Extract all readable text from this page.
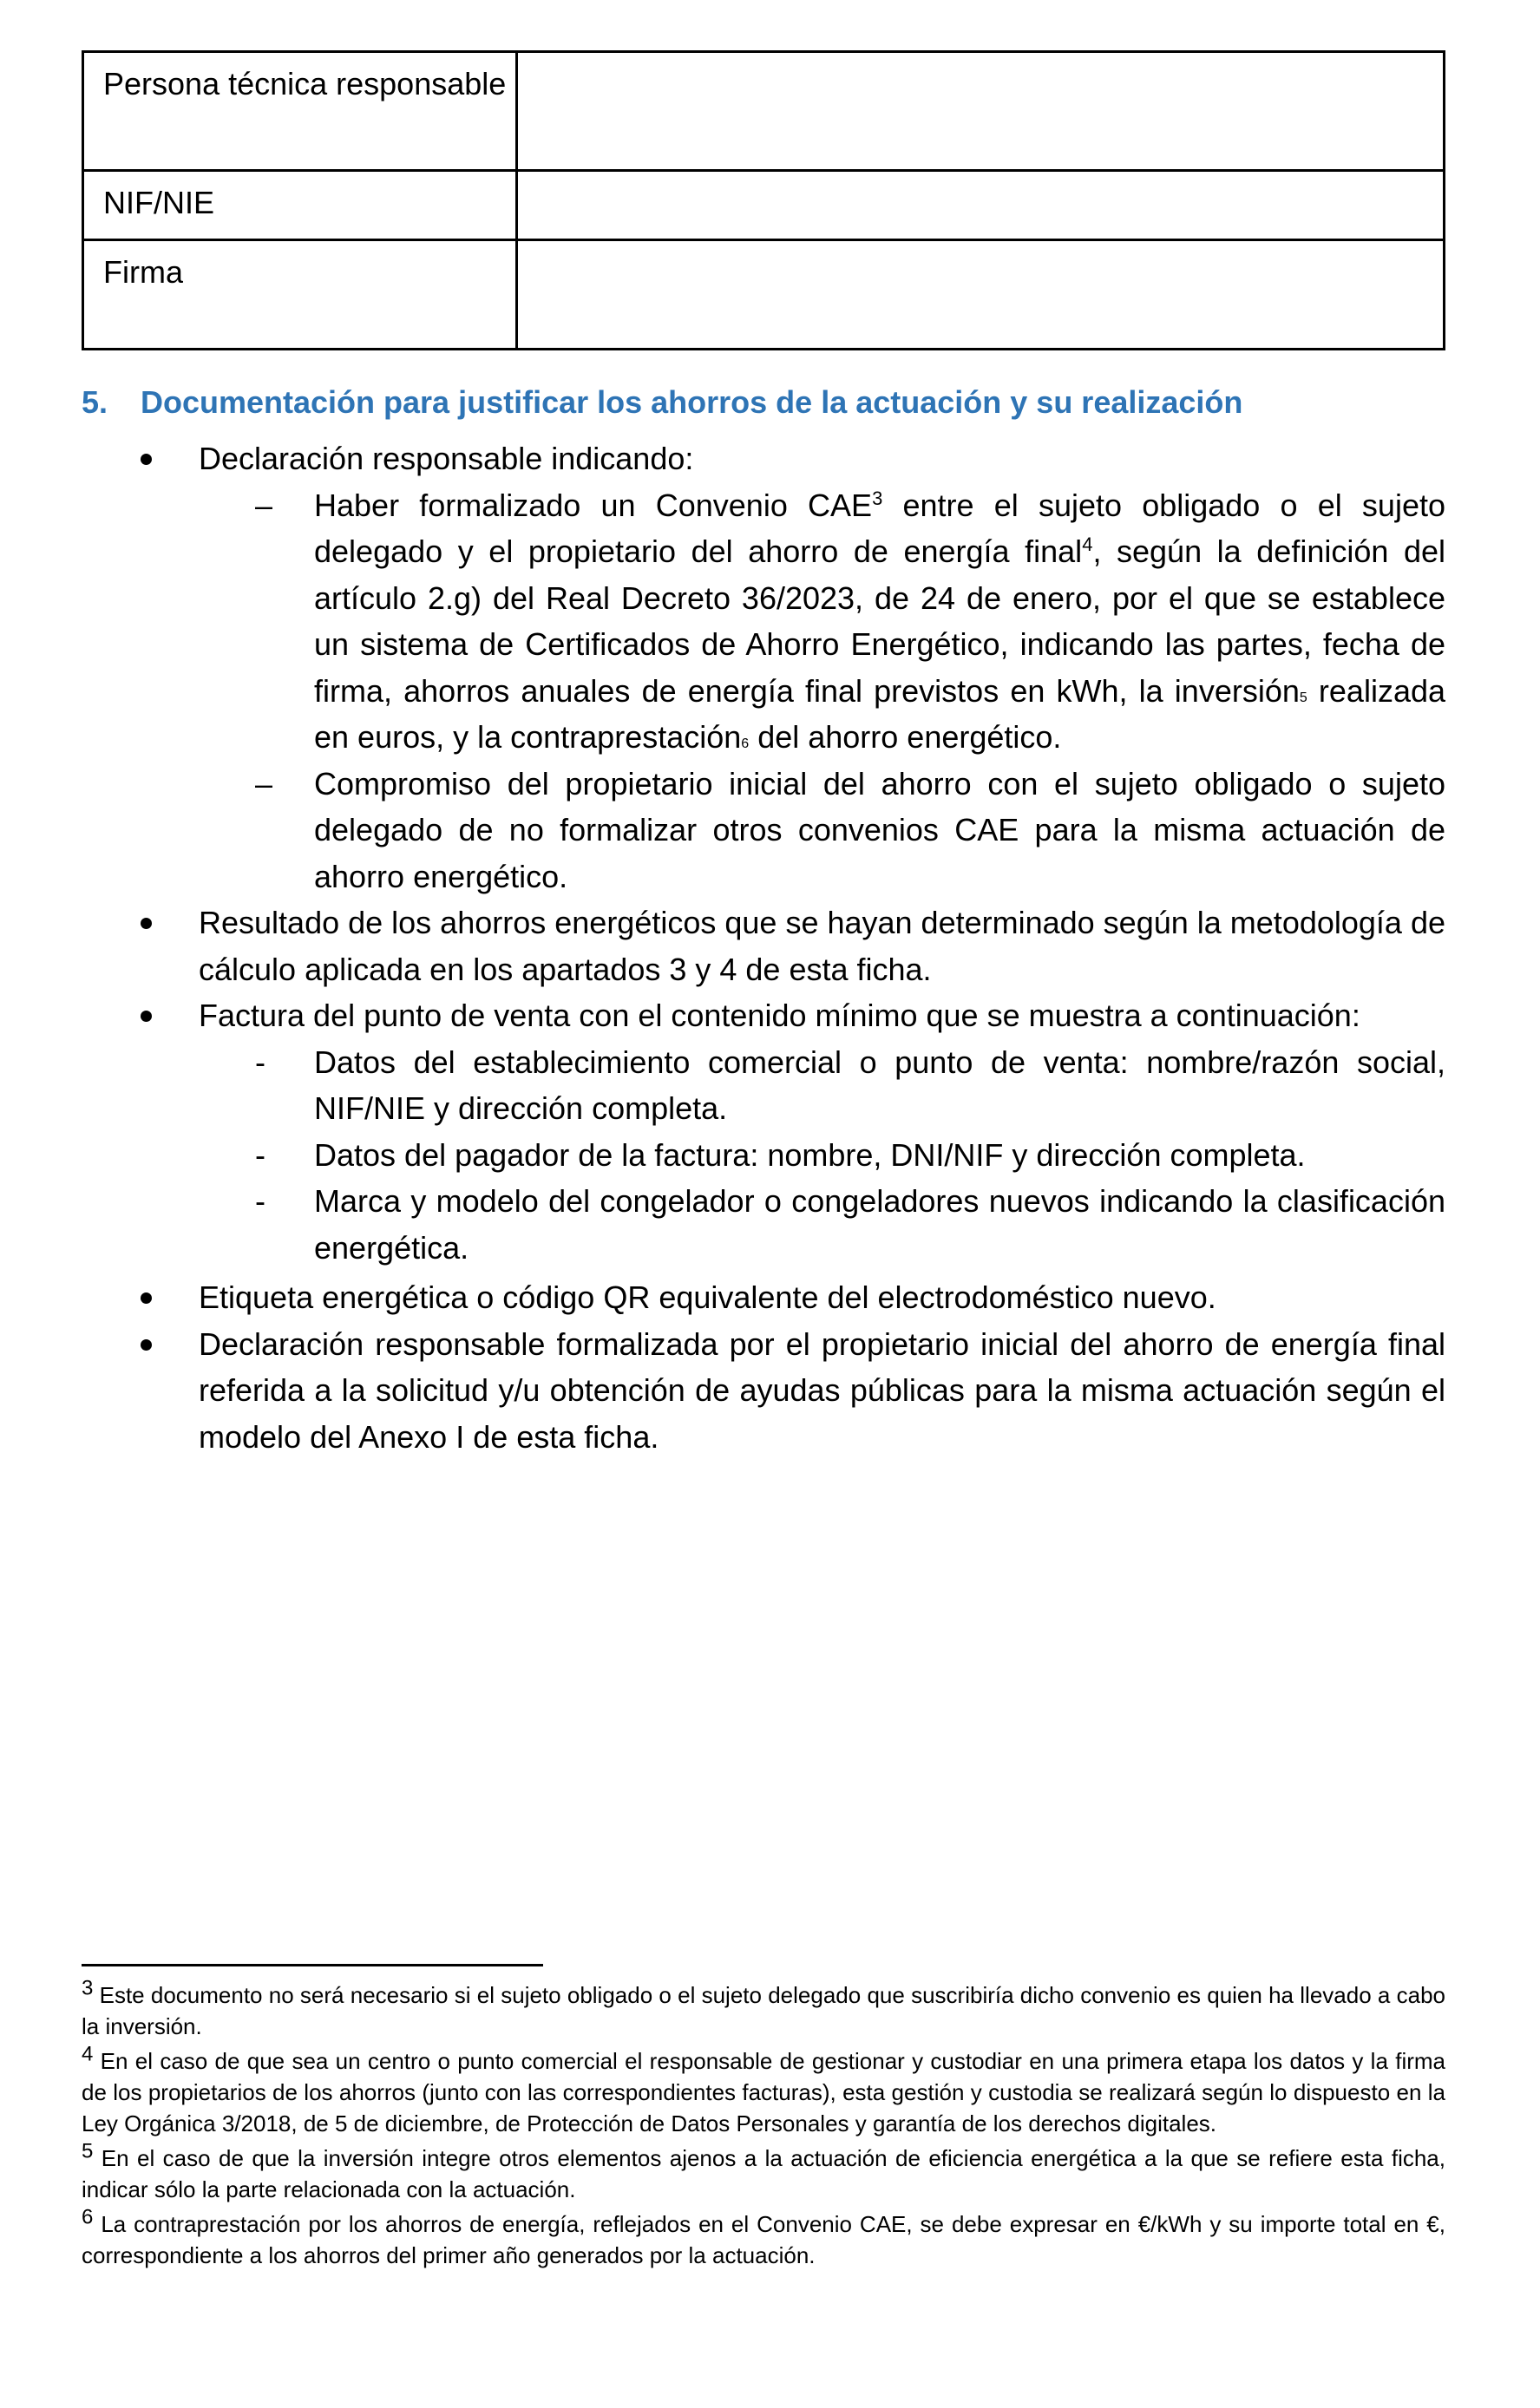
Persona técnica responsable	
NIF/NIE	
Firma	
5. Documentación para justificar los ahorros de la actuación y su realización
Declaración responsable indicando:
– Haber formalizado un Convenio CAE$^3$ entre el sujeto obligado o el sujeto delegado y el propietario del ahorro de energía final$^4$, según la definición del artículo 2.g) del Real Decreto 36/2023, de 24 de enero, por el que se establece un sistema de Certificados de Ahorro Energético, indicando las partes, fecha de firma, ahorros anuales de energía final previstos en kWh, la inversión5 realizada en euros, y la contraprestación6 del ahorro energético.
– Compromiso del propietario inicial del ahorro con el sujeto obligado o sujeto delegado de no formalizar otros convenios CAE para la misma actuación de ahorro energético.
Resultado de los ahorros energéticos que se hayan determinado según la metodología de cálculo aplicada en los apartados 3 y 4 de esta ficha.
Factura del punto de venta con el contenido mínimo que se muestra a continuación:
- Datos del establecimiento comercial o punto de venta: nombre/razón social, NIF/NIE y dirección completa.
- Datos del pagador de la factura: nombre, DNI/NIF y dirección completa.
- Marca y modelo del congelador o congeladores nuevos indicando la clasificación energética.
Etiqueta energética o código QR equivalente del electrodoméstico nuevo.
Declaración responsable formalizada por el propietario inicial del ahorro de energía final referida a la solicitud y/u obtención de ayudas públicas para la misma actuación según el modelo del Anexo I de esta ficha.
3 Este documento no será necesario si el sujeto obligado o el sujeto delegado que suscribiría dicho convenio es quien ha llevado a cabo la inversión.
4 En el caso de que sea un centro o punto comercial el responsable de gestionar y custodiar en una primera etapa los datos y la firma de los propietarios de los ahorros (junto con las correspondientes facturas), esta gestión y custodia se realizará según lo dispuesto en la Ley Orgánica 3/2018, de 5 de diciembre, de Protección de Datos Personales y garantía de los derechos digitales.
5 En el caso de que la inversión integre otros elementos ajenos a la actuación de eficiencia energética a la que se refiere esta ficha, indicar sólo la parte relacionada con la actuación.
6 La contraprestación por los ahorros de energía, reflejados en el Convenio CAE, se debe expresar en €/kWh y su importe total en €, correspondiente a los ahorros del primer año generados por la actuación.
